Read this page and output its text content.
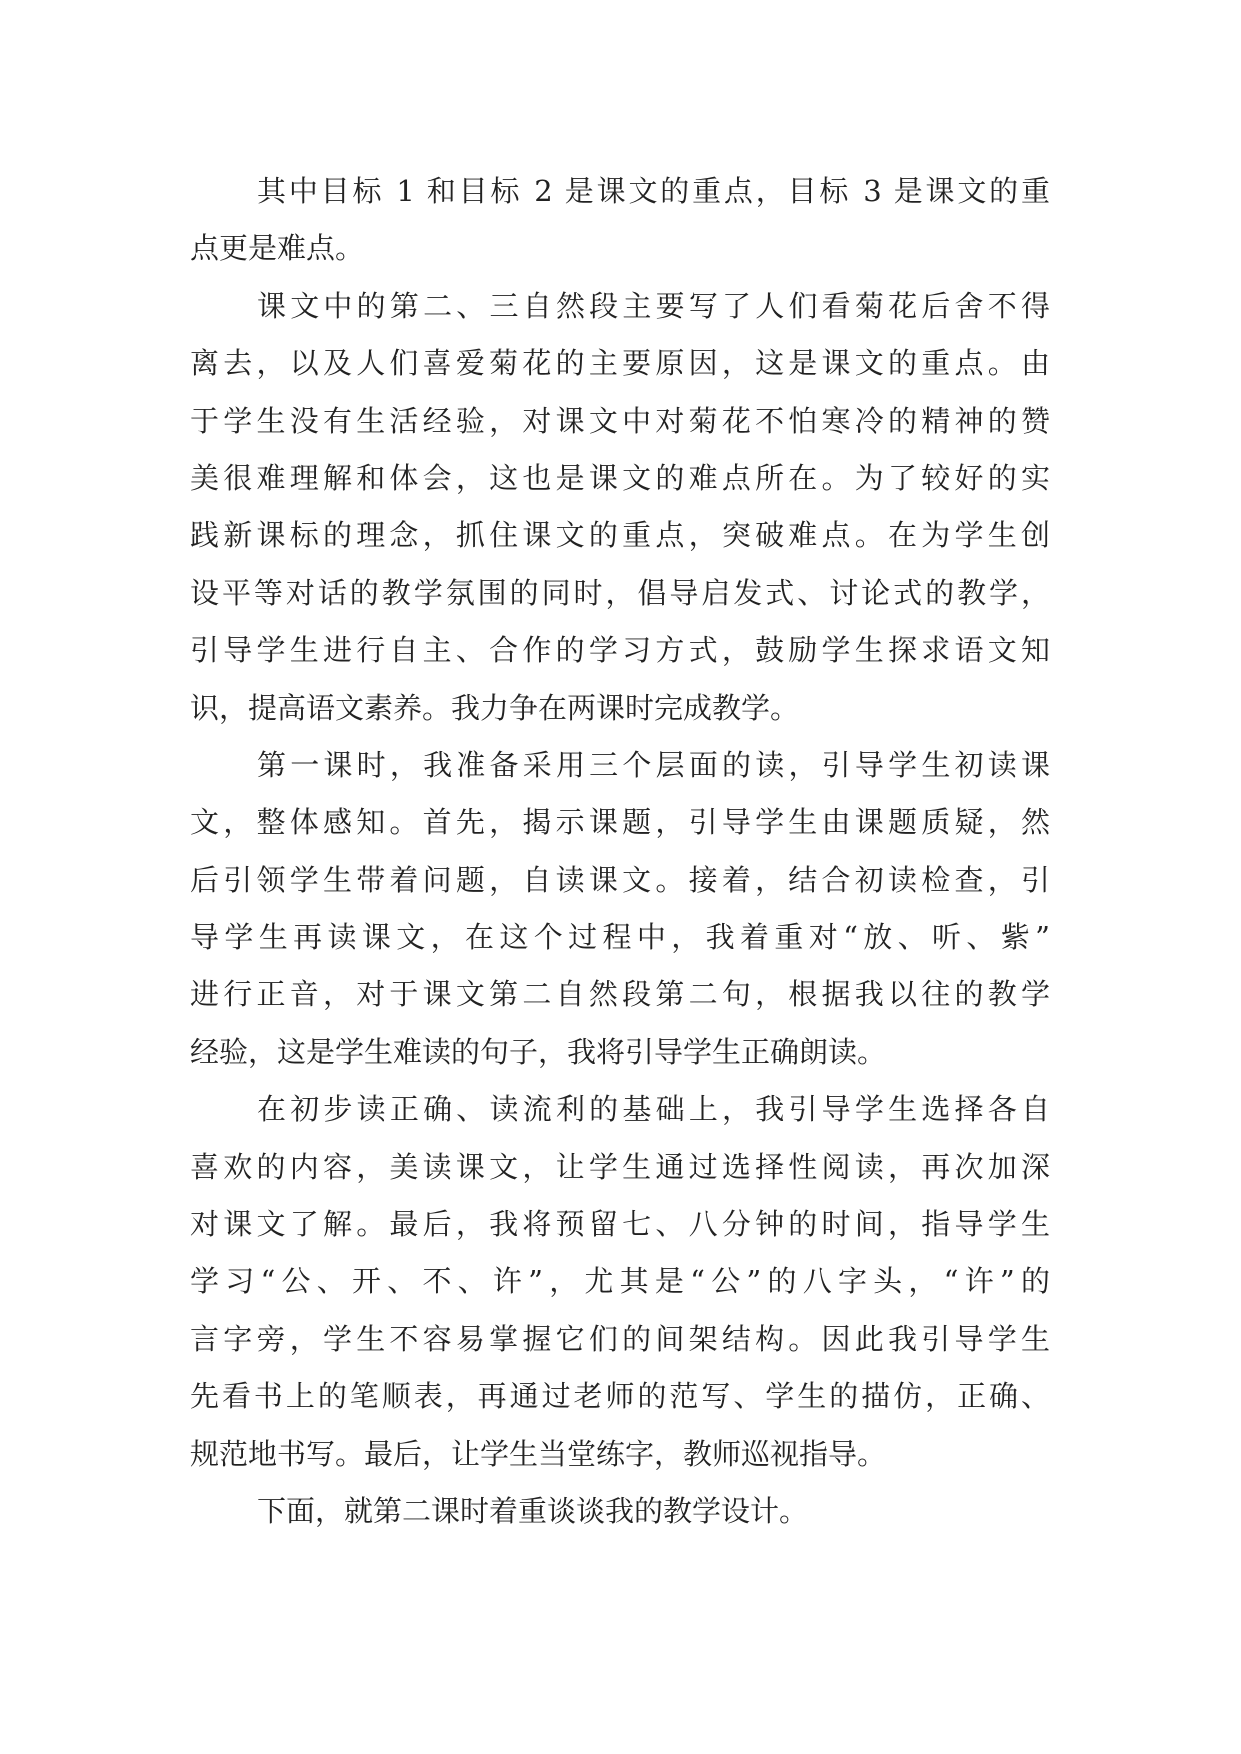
其中目标 1 和目标 2 是课文的重点，目标 3 是课文的重
点更是难点。
课文中的第二、三自然段主要写了人们看菊花后舍不得
离去，以及人们喜爱菊花的主要原因，这是课文的重点。由
于学生没有生活经验，对课文中对菊花不怕寒冷的精神的赞
美很难理解和体会，这也是课文的难点所在。为了较好的实
践新课标的理念，抓住课文的重点，突破难点。在为学生创
设平等对话的教学氛围的同时，倡导启发式、讨论式的教学，
引导学生进行自主、合作的学习方式，鼓励学生探求语文知
识，提高语文素养。我力争在两课时完成教学。
第一课时，我准备采用三个层面的读，引导学生初读课
文，整体感知。首先，揭示课题，引导学生由课题质疑，然
后引领学生带着问题，自读课文。接着，结合初读检查，引
导学生再读课文，在这个过程中，我着重对“放、听、紫”
进行正音，对于课文第二自然段第二句，根据我以往的教学
经验，这是学生难读的句子，我将引导学生正确朗读。
在初步读正确、读流利的基础上，我引导学生选择各自
喜欢的内容，美读课文，让学生通过选择性阅读，再次加深
对课文了解。最后，我将预留七、八分钟的时间，指导学生
学习“公、开、不、许”，尤其是“公”的八字头，“许”的
言字旁，学生不容易掌握它们的间架结构。因此我引导学生
先看书上的笔顺表，再通过老师的范写、学生的描仿，正确、
规范地书写。最后，让学生当堂练字，教师巡视指导。
下面，就第二课时着重谈谈我的教学设计。
